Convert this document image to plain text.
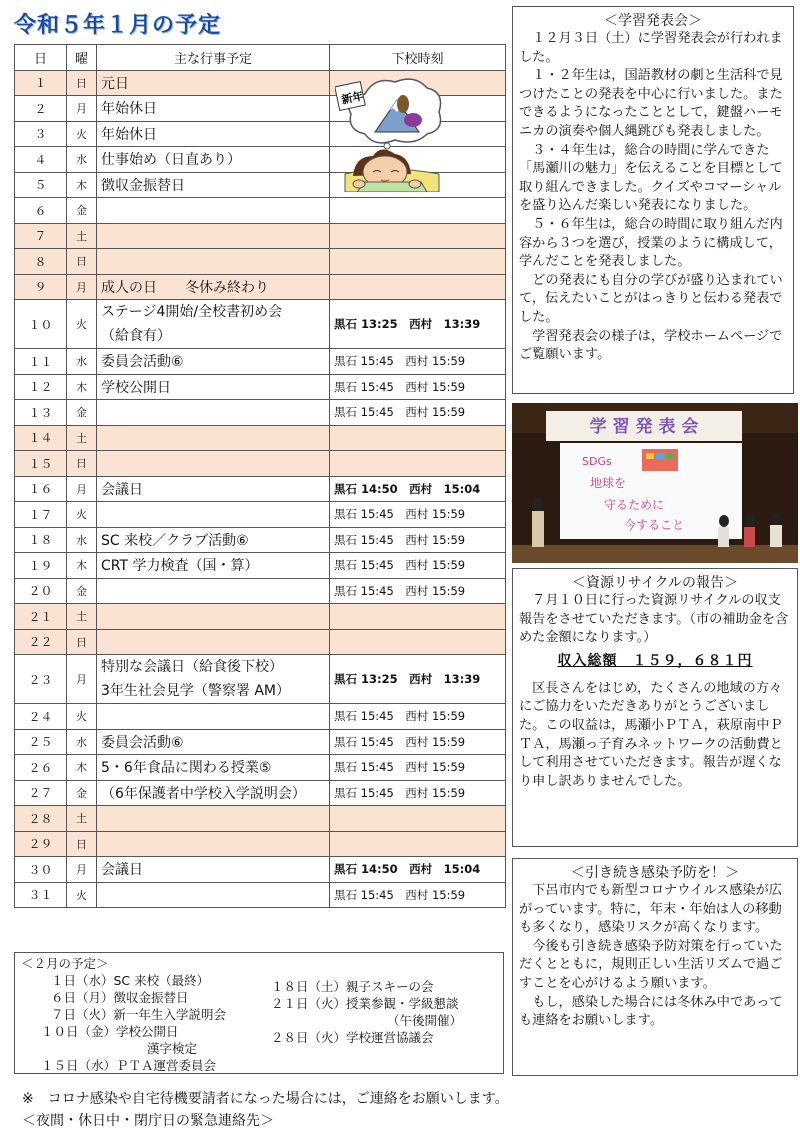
令和５年１月の予定
日	曜	主な行事予定	下校時刻
１	日	元日	

２	月	年始休日	

３	火	年始休日	

４	水	仕事始め（日直あり）	

５	木	徴収金振替日	

６	金	

７	土	

８	日	

９	月	成人の日　　冬休み終わり	

１０	火	ステージ4開始/全校書初め会
（給食有）	黒石 13:25　西村　13:39
１１	水	委員会活動⑥	黒石 15:45　西村 15:59
１２	木	学校公開日	黒石 15:45　西村 15:59
１３	金		黒石 15:45　西村 15:59
１４	土	

１５	日	

１６	月	会議日	黒石 14:50　西村　15:04
１７	火		黒石 15:45　西村 15:59
１８	水	SC 来校／クラブ活動⑥	黒石 15:45　西村 15:59
１９	木	CRT 学力検査（国・算）	黒石 15:45　西村 15:59
２０	金		黒石 15:45　西村 15:59
２１	土	

２２	日	

２３	月	特別な会議日（給食後下校）
3年生社会見学（警察署 AM）	黒石 13:25　西村　13:39
２４	火		黒石 15:45　西村 15:59
２５	水	委員会活動⑥	黒石 15:45　西村 15:59
２６	木	5・6年食品に関わる授業⑤	黒石 15:45　西村 15:59
２７	金	（6年保護者中学校入学説明会）	黒石 15:45　西村 15:59
２８	土	

２９	日	

３０	月	会議日	黒石 14:50　西村　15:04
３１	火		黒石 15:45　西村 15:59
新年
＜学習発表会＞

　１２月３日（土）に学習発表会が行われました。

　１・２年生は，国語教材の劇と生活科で見つけたことの発表を中心に行いました。またできるようになったこととして，鍵盤ハーモニカの演奏や個人縄跳びも発表しました。

　３・４年生は，総合の時間に学んできた「馬瀬川の魅力」を伝えることを目標として取り組んできました。クイズやコマーシャルを盛り込んだ楽しい発表になりました。

　５・６年生は，総合の時間に取り組んだ内容から３つを選び，授業のように構成して，学んだことを発表しました。

　どの発表にも自分の学びが盛り込まれていて，伝えたいことがはっきりと伝わる発表でした。

　学習発表会の様子は，学校ホームページでご覧願います。

学 習 発 表 会
SDGs
地球を
守るために
今すること
＜資源リサイクルの報告＞

　７月１０日に行った資源リサイクルの収支報告をさせていただきます。（市の補助金を含めた金額になります。）

収入総額　１５９，６８１円

　区長さんをはじめ，たくさんの地域の方々にご協力をいただきありがとうございました。この収益は，馬瀬小ＰＴＡ，萩原南中ＰＴＡ，馬瀬っ子育みネットワークの活動費として利用させていただきます。報告が遅くなり申し訳ありませんでした。

＜引き続き感染予防を！＞

　下呂市内でも新型コロナウイルス感染が広がっています。特に，年末・年始は人の移動も多くなり，感染リスクが高くなります。

　今後も引き続き感染予防対策を行っていただくとともに，規則正しい生活リズムで過ごすことを心がけるよう願います。

　もし，感染した場合には冬休み中であっても連絡をお願いします。

＜２月の予定＞
１日（水）SC 来校（最終）
６日（月）徴収金振替日
７日（火）新一年生入学説明会
１０日（金）学校公開日
漢字検定
１５日（水）ＰＴＡ運営委員会
１８日（土）親子スキーの会
２１日（火）授業参観・学級懇談
（午後開催）
２８日（火）学校運営協議会
※　コロナ感染や自宅待機要請者になった場合には，ご連絡をお願いします。
＜夜間・休日中・閉庁日の緊急連絡先＞
